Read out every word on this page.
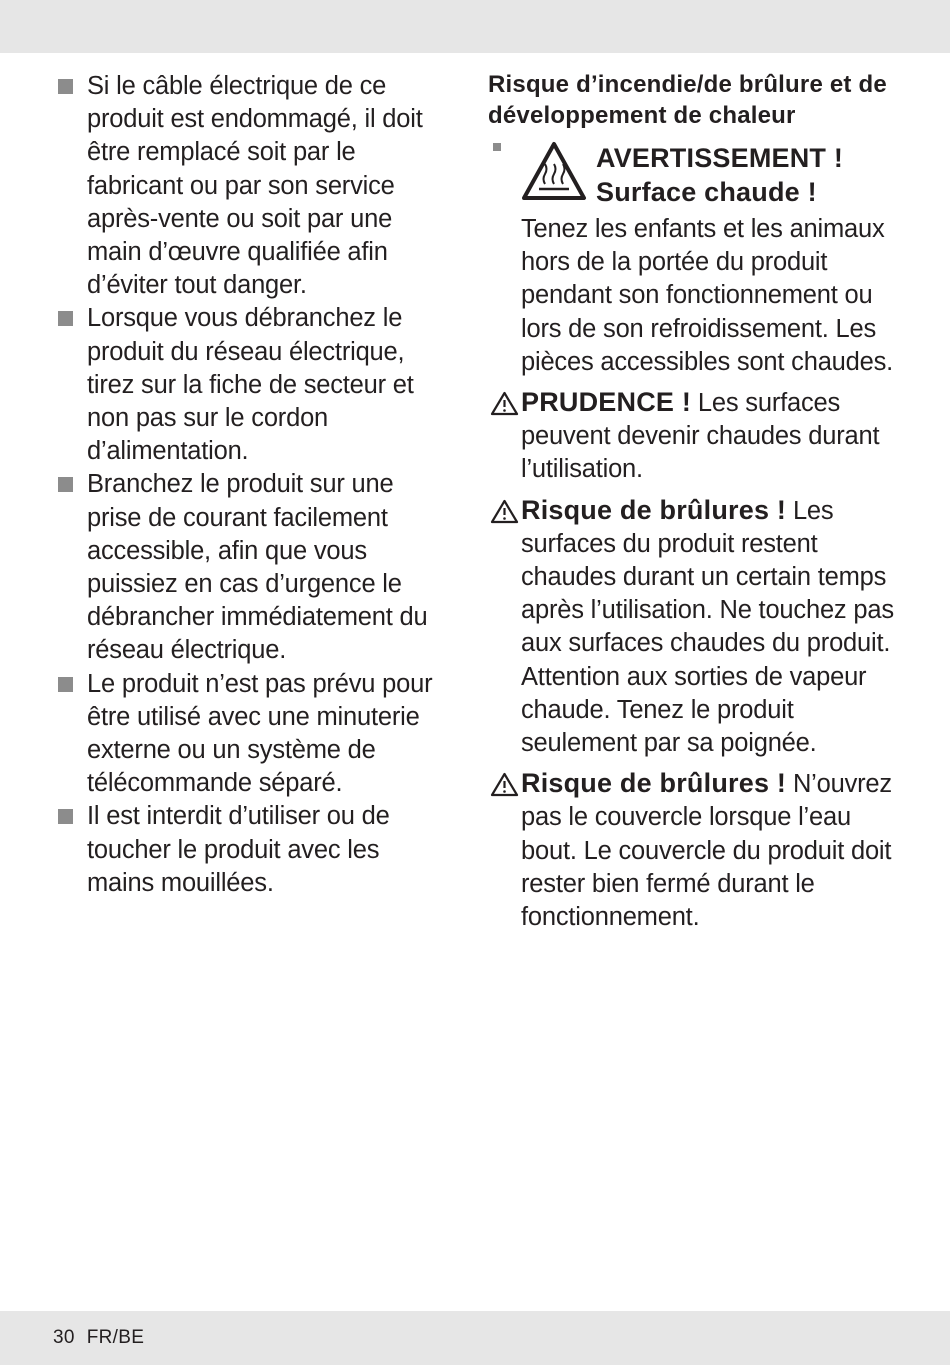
Si le câble électrique de ce produit est endommagé, il doit être remplacé soit par le fabricant ou par son service après-vente ou soit par une main d’œuvre qualifiée afin d’éviter tout danger.
Lorsque vous débranchez le produit du réseau électrique, tirez sur la fiche de secteur et non pas sur le cordon d’alimentation.
Branchez le produit sur une prise de courant facilement accessible, afin que vous puissiez en cas d’urgence le débrancher immédiatement du réseau électrique.
Le produit n’est pas prévu pour être utilisé avec une minuterie externe ou un système de télécommande séparé.
Il est interdit d’utiliser ou de toucher le produit avec les mains mouillées.
Risque d’incendie/de brûlure et de développement de chaleur
AVERTISSEMENT !
Surface chaude !
Tenez les enfants et les animaux hors de la portée du produit pendant son fonctionnement ou lors de son refroidissement. Les pièces accessibles sont chaudes.
PRUDENCE ! Les surfaces peuvent devenir chaudes durant l’utilisation.
Risque de brûlures ! Les surfaces du produit restent chaudes durant un certain temps après l’utilisation. Ne touchez pas aux surfaces chaudes du produit. Attention aux sorties de vapeur chaude. Tenez le produit seulement par sa poignée.
Risque de brûlures ! N’ouvrez pas le couvercle lorsque l’eau bout. Le couvercle du produit doit rester bien fermé durant le fonctionnement.
30 FR/BE
